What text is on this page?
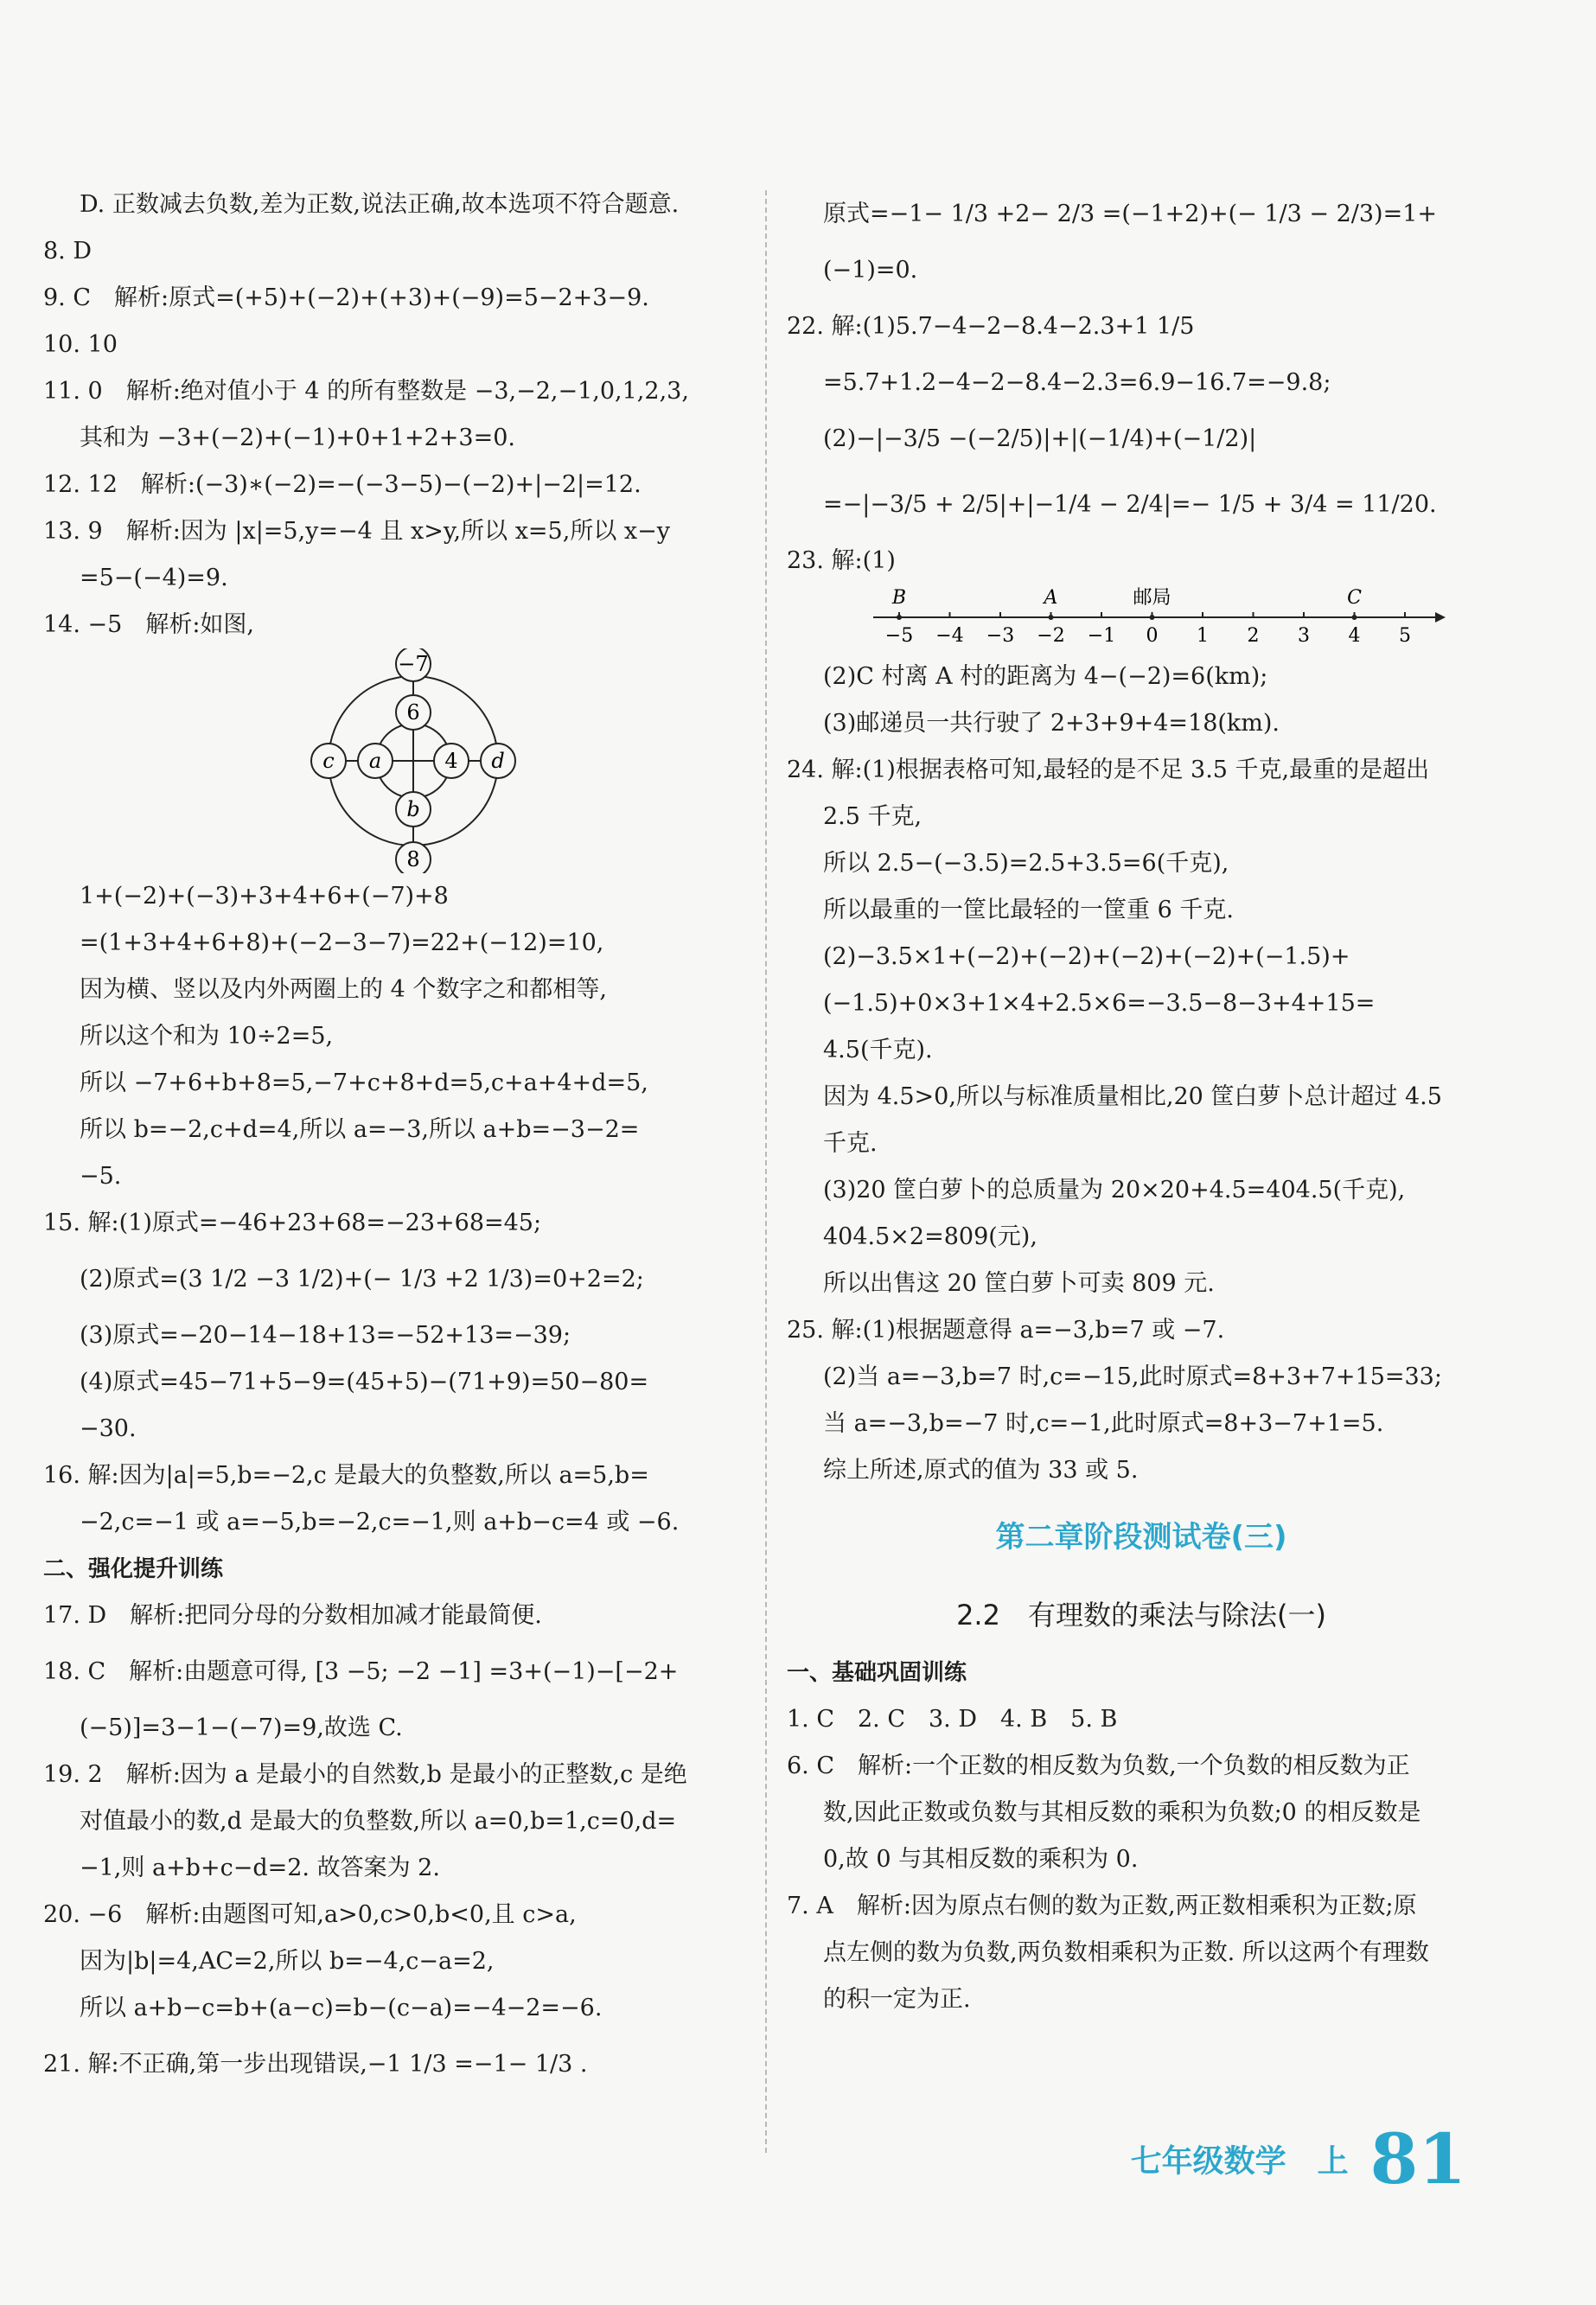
D. 正数减去负数,差为正数,说法正确,故本选项不符合题意.
8. D
9. C　解析:原式=(+5)+(−2)+(+3)+(−9)=5−2+3−9.
10. 10
11. 0　解析:绝对值小于 4 的所有整数是 −3,−2,−1,0,1,2,3,
其和为 −3+(−2)+(−1)+0+1+2+3=0.
12. 12　解析:(−3)∗(−2)=−(−3−5)−(−2)+|−2|=12.
13. 9　解析:因为 |x|=5,y=−4 且 x>y,所以 x=5,所以 x−y
=5−(−4)=9.
14. −5　解析:如图,
−7
6
a	4
b
8
c	d
1+(−2)+(−3)+3+4+6+(−7)+8
=(1+3+4+6+8)+(−2−3−7)=22+(−12)=10,
因为横、竖以及内外两圈上的 4 个数字之和都相等,
所以这个和为 10÷2=5,
所以 −7+6+b+8=5,−7+c+8+d=5,c+a+4+d=5,
所以 b=−2,c+d=4,所以 a=−3,所以 a+b=−3−2=
−5.
15. 解:(1)原式=−46+23+68=−23+68=45;
(2)原式=(3 1/2 −3 1/2)+(− 1/3 +2 1/3)=0+2=2;
(3)原式=−20−14−18+13=−52+13=−39;
(4)原式=45−71+5−9=(45+5)−(71+9)=50−80=
−30.
16. 解:因为|a|=5,b=−2,c 是最大的负整数,所以 a=5,b=
−2,c=−1 或 a=−5,b=−2,c=−1,则 a+b−c=4 或 −6.
二、强化提升训练
17. D　解析:把同分母的分数相加减才能最简便.
18. C　解析:由题意可得, [3 −5; −2 −1] =3+(−1)−[−2+
(−5)]=3−1−(−7)=9,故选 C.
19. 2　解析:因为 a 是最小的自然数,b 是最小的正整数,c 是绝
对值最小的数,d 是最大的负整数,所以 a=0,b=1,c=0,d=
−1,则 a+b+c−d=2. 故答案为 2.
20. −6　解析:由题图可知,a>0,c>0,b<0,且 c>a,
因为|b|=4,AC=2,所以 b=−4,c−a=2,
所以 a+b−c=b+(a−c)=b−(c−a)=−4−2=−6.
21. 解:不正确,第一步出现错误,−1 1/3 =−1− 1/3 .
原式=−1− 1/3 +2− 2/3 =(−1+2)+(− 1/3 − 2/3)=1+
(−1)=0.
22. 解:(1)5.7−4−2−8.4−2.3+1 1/5
=5.7+1.2−4−2−8.4−2.3=6.9−16.7=−9.8;
(2)−|−3/5 −(−2/5)|+|(−1/4)+(−1/2)|
=−|−3/5 + 2/5|+|−1/4 − 2/4|=− 1/5 + 3/4 = 11/20.
23. 解:(1)
−5 −4 −3 −2 −1 0 1 2 3 4 5
B	A	邮局	C
(2)C 村离 A 村的距离为 4−(−2)=6(km);
(3)邮递员一共行驶了 2+3+9+4=18(km).
24. 解:(1)根据表格可知,最轻的是不足 3.5 千克,最重的是超出
2.5 千克,
所以 2.5−(−3.5)=2.5+3.5=6(千克),
所以最重的一筐比最轻的一筐重 6 千克.
(2)−3.5×1+(−2)+(−2)+(−2)+(−2)+(−1.5)+
(−1.5)+0×3+1×4+2.5×6=−3.5−8−3+4+15=
4.5(千克).
因为 4.5>0,所以与标准质量相比,20 筐白萝卜总计超过 4.5
千克.
(3)20 筐白萝卜的总质量为 20×20+4.5=404.5(千克),
404.5×2=809(元),
所以出售这 20 筐白萝卜可卖 809 元.
25. 解:(1)根据题意得 a=−3,b=7 或 −7.
(2)当 a=−3,b=7 时,c=−15,此时原式=8+3+7+15=33;
当 a=−3,b=−7 时,c=−1,此时原式=8+3−7+1=5.
综上所述,原式的值为 33 或 5.
第二章阶段测试卷(三)
2.2　有理数的乘法与除法(一)
一、基础巩固训练
1. C　2. C　3. D　4. B　5. B
6. C　解析:一个正数的相反数为负数,一个负数的相反数为正
数,因此正数或负数与其相反数的乘积为负数;0 的相反数是
0,故 0 与其相反数的乘积为 0.
7. A　解析:因为原点右侧的数为正数,两正数相乘积为正数;原
点左侧的数为负数,两负数相乘积为正数. 所以这两个有理数
的积一定为正.
七年级数学　上 81
